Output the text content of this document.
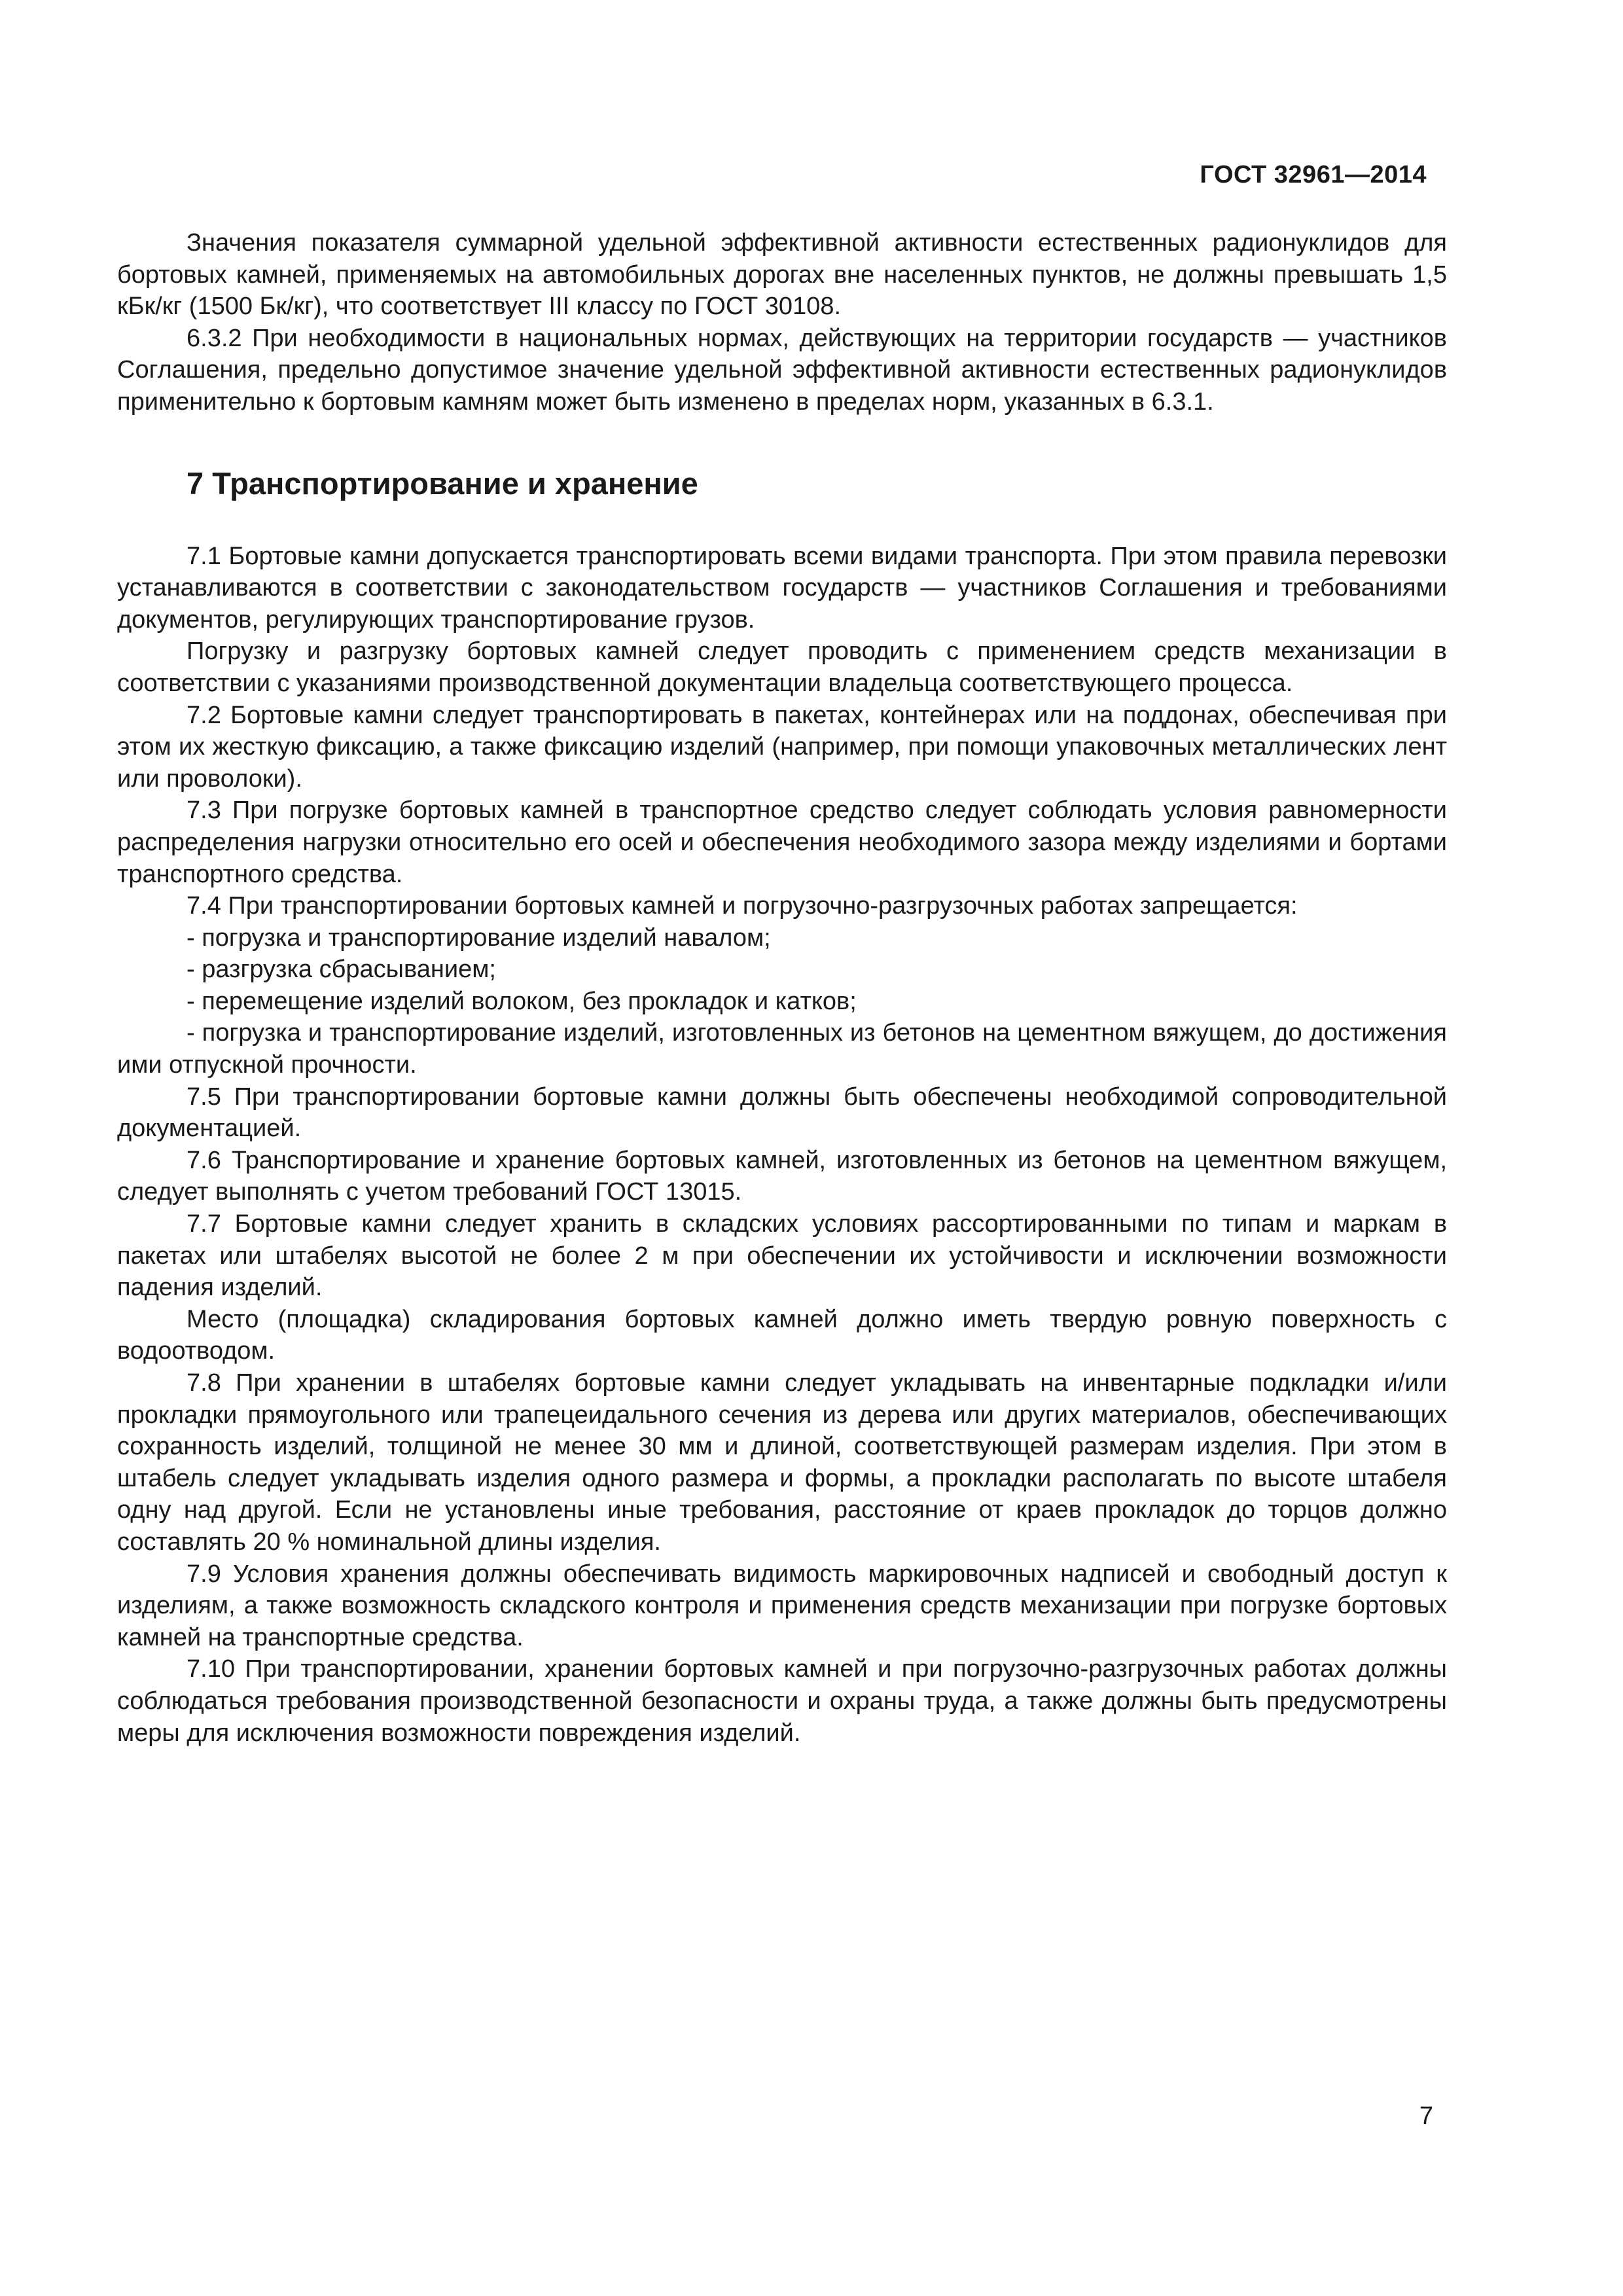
ГОСТ 32961—2014

Значения показателя суммарной удельной эффективной активности естественных радионуклидов для бортовых камней, применяемых на автомобильных дорогах вне населенных пунктов, не должны превышать 1,5 кБк/кг (1500 Бк/кг), что соответствует III классу по ГОСТ 30108.

6.3.2 При необходимости в национальных нормах, действующих на территории государств — участников Соглашения, предельно допустимое значение удельной эффективной активности естественных радионуклидов применительно к бортовым камням может быть изменено в пределах норм, указанных в 6.3.1.

7 Транспортирование и хранение

7.1 Бортовые камни допускается транспортировать всеми видами транспорта. При этом правила перевозки устанавливаются в соответствии с законодательством государств — участников Соглашения и требованиями документов, регулирующих транспортирование грузов.

Погрузку и разгрузку бортовых камней следует проводить с применением средств механизации в соответствии с указаниями производственной документации владельца соответствующего процесса.

7.2 Бортовые камни следует транспортировать в пакетах, контейнерах или на поддонах, обеспечивая при этом их жесткую фиксацию, а также фиксацию изделий (например, при помощи упаковочных металлических лент или проволоки).

7.3 При погрузке бортовых камней в транспортное средство следует соблюдать условия равномерности распределения нагрузки относительно его осей и обеспечения необходимого зазора между изделиями и бортами транспортного средства.

7.4 При транспортировании бортовых камней и погрузочно-разгрузочных работах запрещается:

- погрузка и транспортирование изделий навалом;

- разгрузка сбрасыванием;

- перемещение изделий волоком, без прокладок и катков;

- погрузка и транспортирование изделий, изготовленных из бетонов на цементном вяжущем, до достижения ими отпускной прочности.

7.5 При транспортировании бортовые камни должны быть обеспечены необходимой сопроводительной документацией.

7.6 Транспортирование и хранение бортовых камней, изготовленных из бетонов на цементном вяжущем, следует выполнять с учетом требований ГОСТ 13015.

7.7 Бортовые камни следует хранить в складских условиях рассортированными по типам и маркам в пакетах или штабелях высотой не более 2 м при обеспечении их устойчивости и исключении возможности падения изделий.

Место (площадка) складирования бортовых камней должно иметь твердую ровную поверхность с водоотводом.

7.8 При хранении в штабелях бортовые камни следует укладывать на инвентарные подкладки и/или прокладки прямоугольного или трапецеидального сечения из дерева или других материалов, обеспечивающих сохранность изделий, толщиной не менее 30 мм и длиной, соответствующей размерам изделия. При этом в штабель следует укладывать изделия одного размера и формы, а прокладки располагать по высоте штабеля одну над другой. Если не установлены иные требования, расстояние от краев прокладок до торцов должно составлять 20 % номинальной длины изделия.

7.9 Условия хранения должны обеспечивать видимость маркировочных надписей и свободный доступ к изделиям, а также возможность складского контроля и применения средств механизации при погрузке бортовых камней на транспортные средства.

7.10 При транспортировании, хранении бортовых камней и при погрузочно-разгрузочных работах должны соблюдаться требования производственной безопасности и охраны труда, а также должны быть предусмотрены меры для исключения возможности повреждения изделий.

7
